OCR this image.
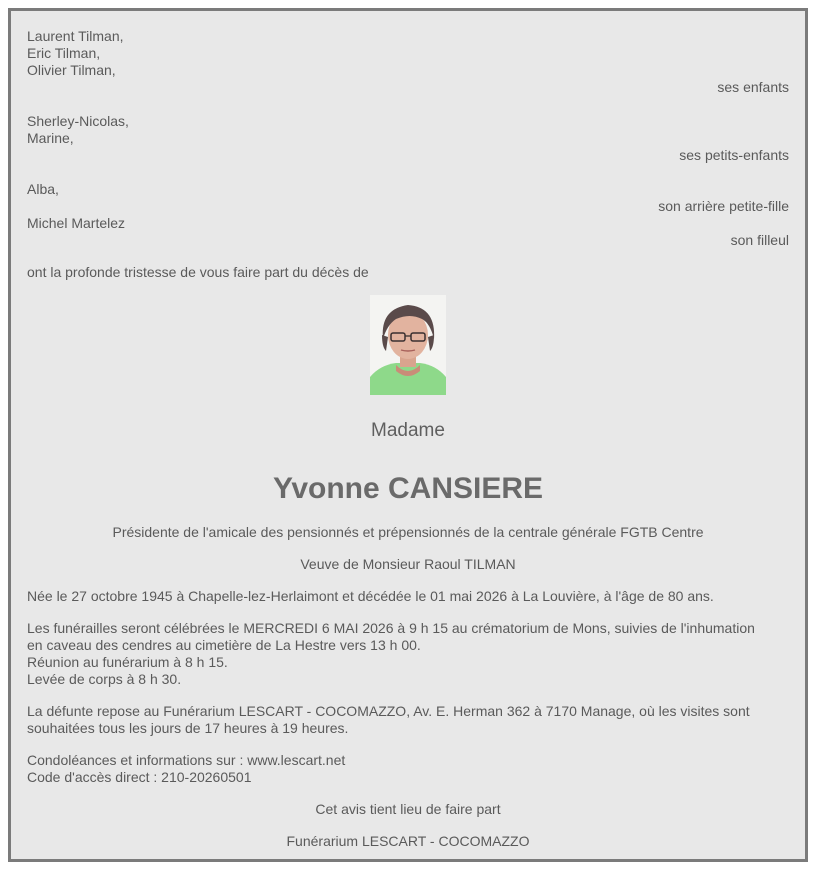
Laurent Tilman,
Eric Tilman,
Olivier Tilman,
ses enfants
Sherley-Nicolas,
Marine,
ses petits-enfants
Alba,
son arrière petite-fille
Michel Martelez
son filleul
ont la profonde tristesse de vous faire part du décès de
Madame
Yvonne CANSIERE
Présidente de l'amicale des pensionnés et prépensionnés de la centrale générale FGTB Centre
Veuve de Monsieur Raoul TILMAN
Née le 27 octobre 1945 à Chapelle-lez-Herlaimont et décédée le 01 mai 2026 à La Louvière, à l'âge de 80 ans.
Les funérailles seront célébrées le MERCREDI 6 MAI 2026 à 9 h 15 au crématorium de Mons, suivies de l'inhumation
en caveau des cendres au cimetière de La Hestre vers 13 h 00.
Réunion au funérarium à 8 h 15.
Levée de corps à 8 h 30.
La défunte repose au Funérarium LESCART - COCOMAZZO, Av. E. Herman 362 à 7170 Manage, où les visites sont
souhaitées tous les jours de 17 heures à 19 heures.
Condoléances et informations sur : www.lescart.net
Code d'accès direct : 210-20260501
Cet avis tient lieu de faire part
Funérarium LESCART - COCOMAZZO
